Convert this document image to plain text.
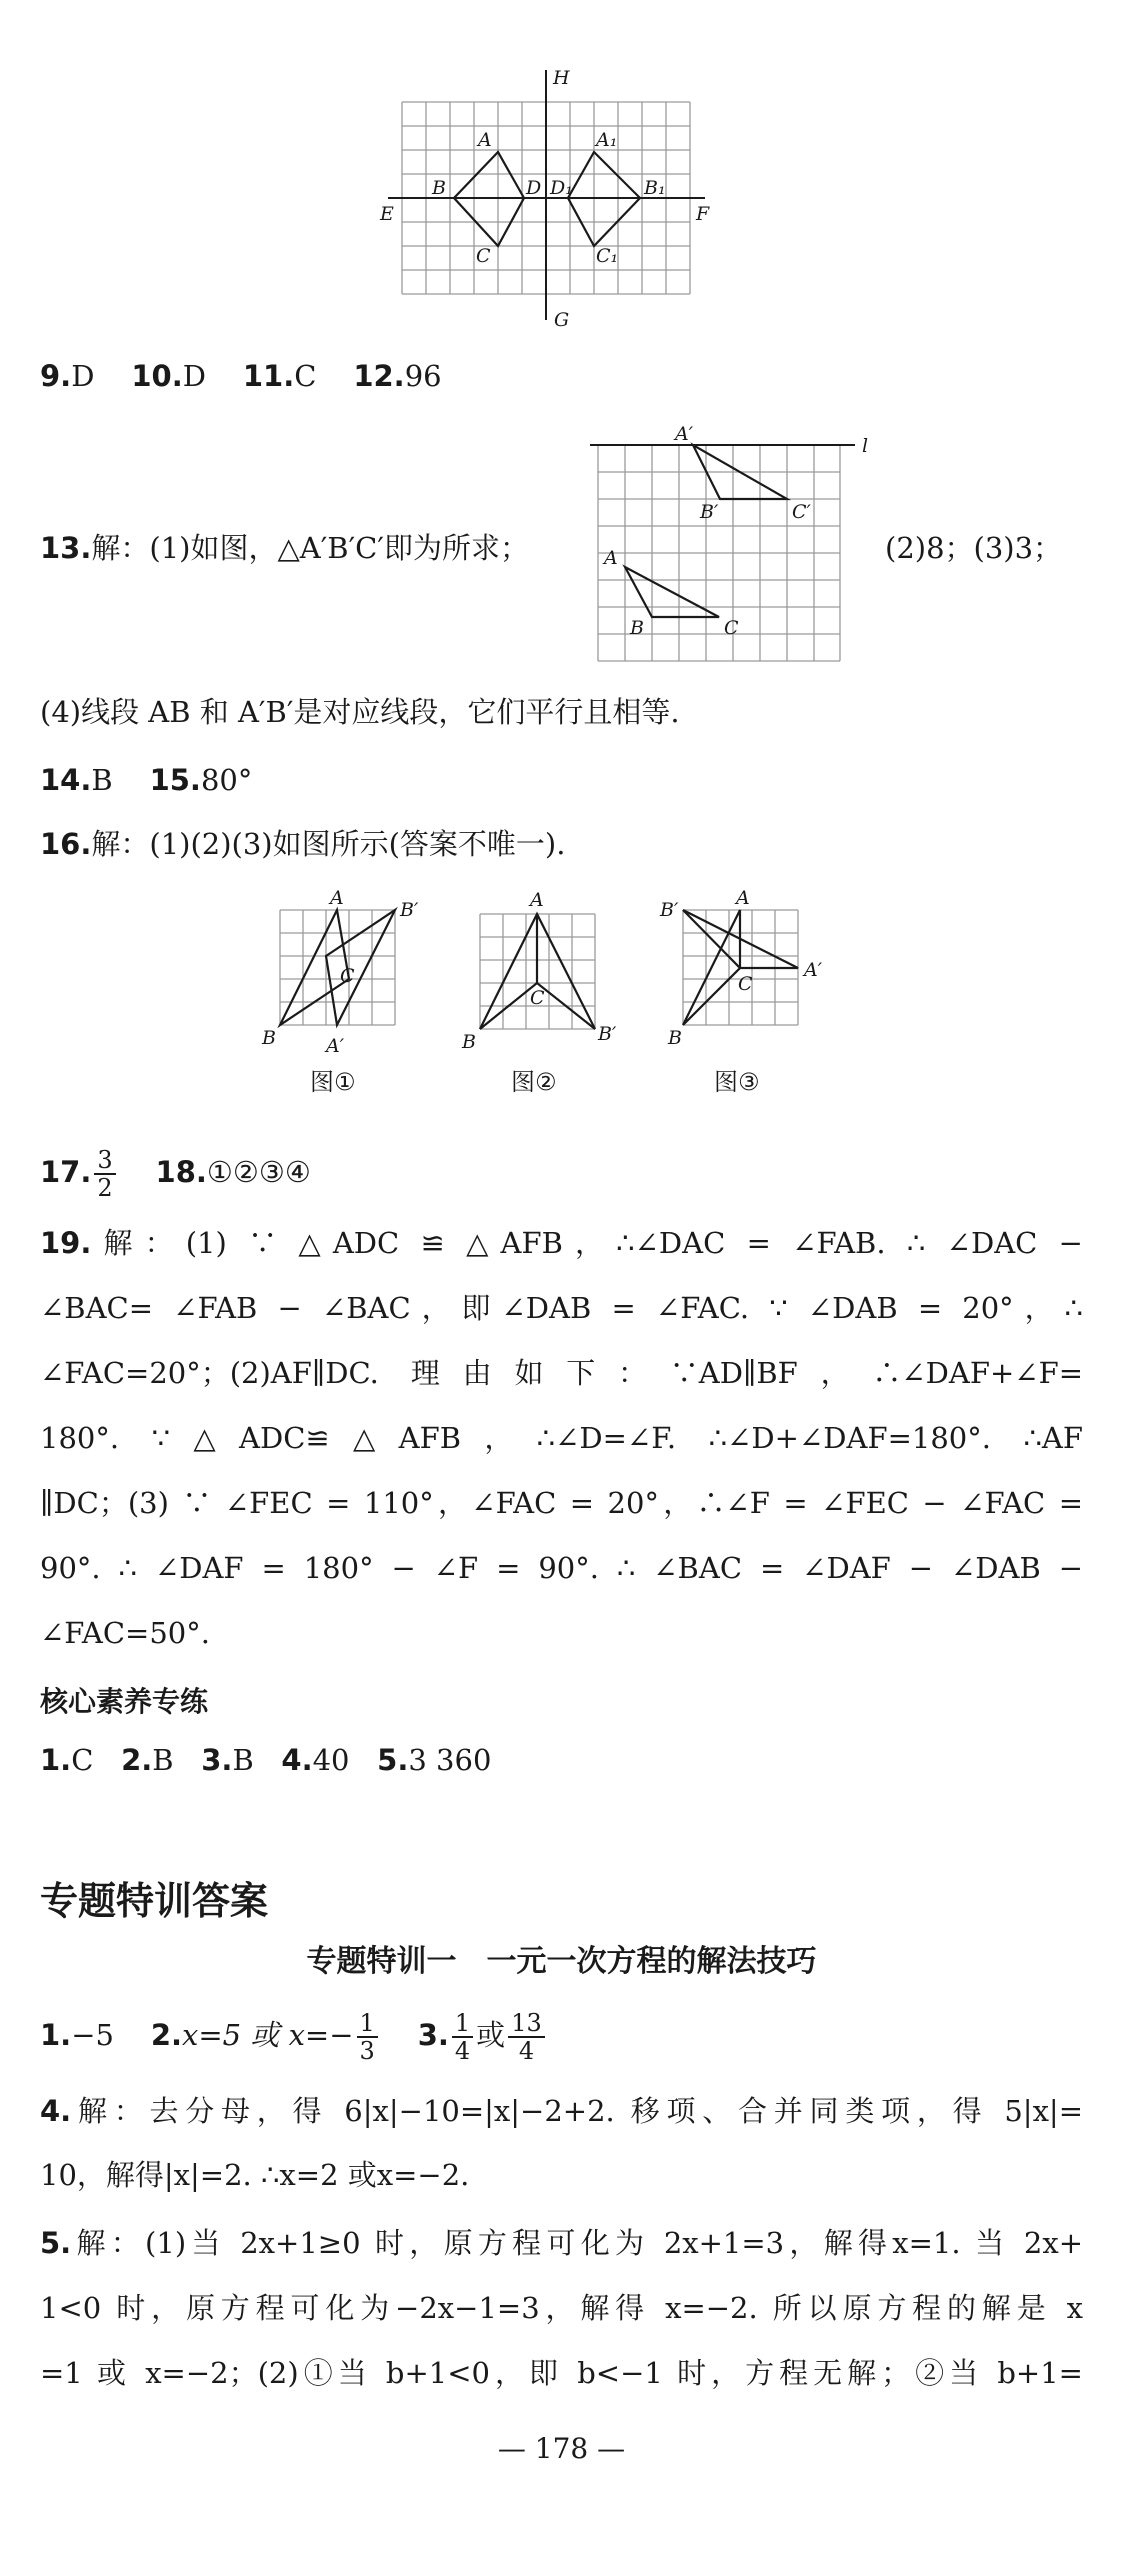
H
A	A₁
B	D D₁	B₁
E	F
C	C₁
G
9.D 10.D 11.C 12.96
A′
l
B′	C′
A
B	C
13.解：(1)如图，△A′B′C′即为所求；	(2)8；(3)3；
(4)线段 AB 和 A′B′是对应线段，它们平行且相等.
14.B 15.80°
16.解：(1)(2)(3)如图所示(答案不唯一).
A
B′
C
B	A′
图①
A
C
B	B′
图②
B′
A
C
A′
B
图③
17. $\frac{3}{2}$ 18.①②③④
19.解：(1) ∵ △ADC ≌ △AFB，∴∠DAC = ∠FAB. ∴ ∠DAC −
∠BAC= ∠FAB − ∠BAC，即∠DAB = ∠FAC. ∵ ∠DAB = 20°，∴
∠FAC=20°；(2)AF∥DC. 理由如下：∵AD∥BF，∴∠DAF+∠F=
180°. ∵△ADC≌△AFB，∴∠D=∠F. ∴∠D+∠DAF=180°. ∴AF
∥DC；(3) ∵ ∠FEC = 110°，∠FAC = 20°，∴∠F = ∠FEC − ∠FAC =
90°. ∴ ∠DAF = 180° − ∠F = 90°. ∴ ∠BAC = ∠DAF − ∠DAB −
∠FAC=50°.
核心素养专练
1.C 2.B 3.B 4.40 5.3 360
专题特训答案
专题特训一　一元一次方程的解法技巧
1.−5 2.x=5 或 $x=- \frac{1}{3} 3$. $\frac{1}{4}$ 或 $\frac{13}{4}$
4.解：去分母，得 6|x|−10=|x|−2+2. 移项、合并同类项，得 5|x|=
10，解得|x|=2. ∴x=2 或x=−2.
5.解：(1)当 2x+1≥0 时，原方程可化为 2x+1=3，解得x=1. 当 2x+
1<0 时，原方程可化为−2x−1=3，解得 x=−2. 所以原方程的解是 x
=1 或 x=−2；(2)①当 b+1<0，即 b<−1 时，方程无解；②当 b+1=
— 178 —
